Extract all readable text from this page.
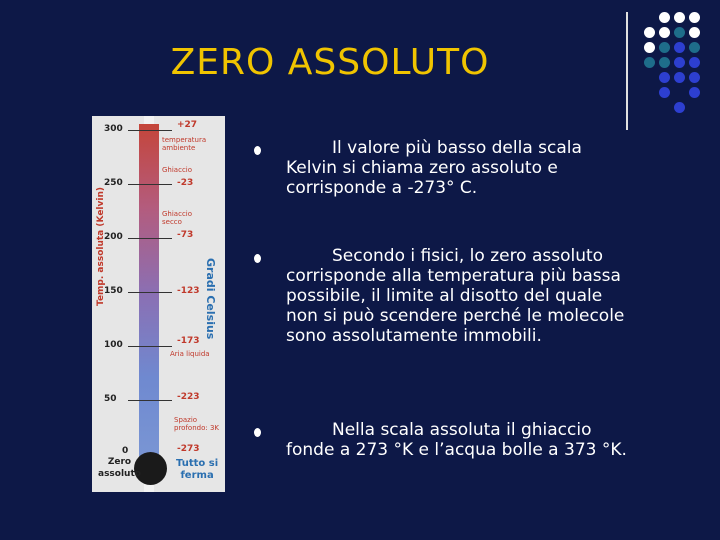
ZERO ASSOLUTO
Temp. assoluta (Kelvin)	Gradi Celsius
300
250
200
150
100
50
+27
-23
-73
-123
-173
-223
temperatura ambiente
Ghiaccio
Ghiaccio secco
Aria liquida
Spazio profondo: 3K
0
Zero
assoluto
-273
Tutto si
ferma
Il valore più basso della scala Kelvin si chiama zero assoluto e corrisponde a -273° C.
Secondo i fisici, lo zero assoluto corrisponde alla temperatura più bassa possibile, il limite al disotto del quale non si può scendere perché le molecole sono assolutamente immobili.
Nella scala assoluta il ghiaccio fonde a 273 °K e l’acqua bolle a 373 °K.
